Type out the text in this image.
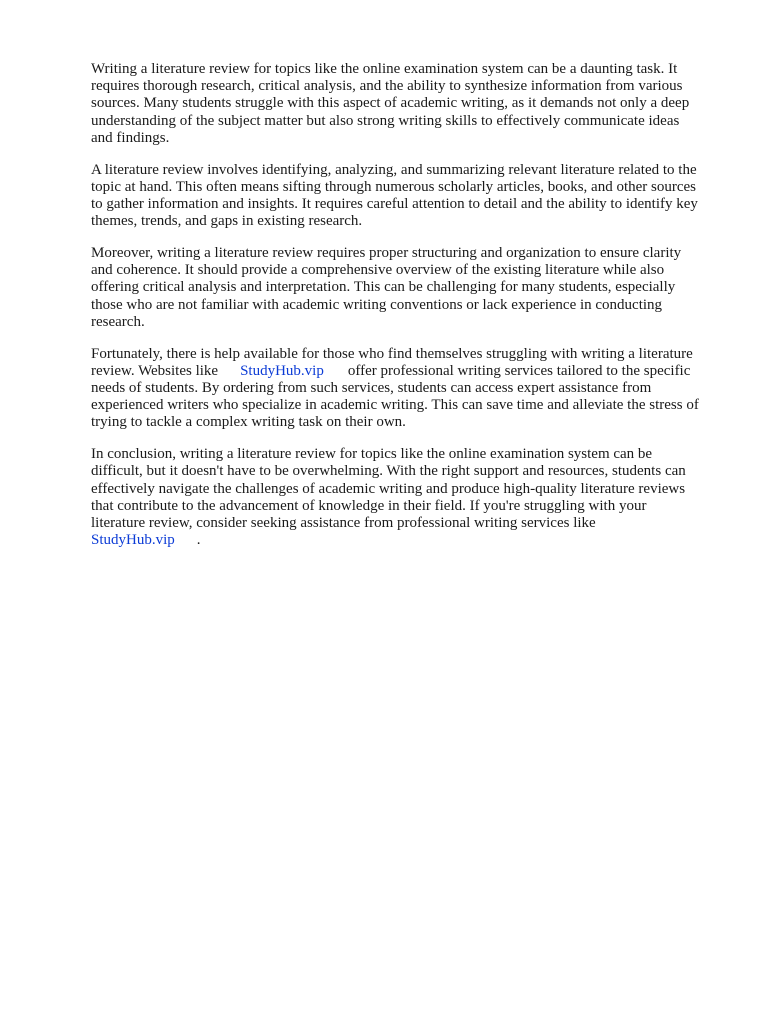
Writing a literature review for topics like the online examination system can be a daunting task. It
requires thorough research, critical analysis, and the ability to synthesize information from various
sources. Many students struggle with this aspect of academic writing, as it demands not only a deep
understanding of the subject matter but also strong writing skills to effectively communicate ideas
and findings.

A literature review involves identifying, analyzing, and summarizing relevant literature related to the
topic at hand. This often means sifting through numerous scholarly articles, books, and other sources
to gather information and insights. It requires careful attention to detail and the ability to identify key
themes, trends, and gaps in existing research.

Moreover, writing a literature review requires proper structuring and organization to ensure clarity
and coherence. It should provide a comprehensive overview of the existing literature while also
offering critical analysis and interpretation. This can be challenging for many students, especially
those who are not familiar with academic writing conventions or lack experience in conducting
research.

Fortunately, there is help available for those who find themselves struggling with writing a literature
review. Websites like StudyHub.vip offer professional writing services tailored to the specific
needs of students. By ordering from such services, students can access expert assistance from
experienced writers who specialize in academic writing. This can save time and alleviate the stress of
trying to tackle a complex writing task on their own.

In conclusion, writing a literature review for topics like the online examination system can be
difficult, but it doesn't have to be overwhelming. With the right support and resources, students can
effectively navigate the challenges of academic writing and produce high-quality literature reviews
that contribute to the advancement of knowledge in their field. If you're struggling with your
literature review, consider seeking assistance from professional writing services like
StudyHub.vip .
